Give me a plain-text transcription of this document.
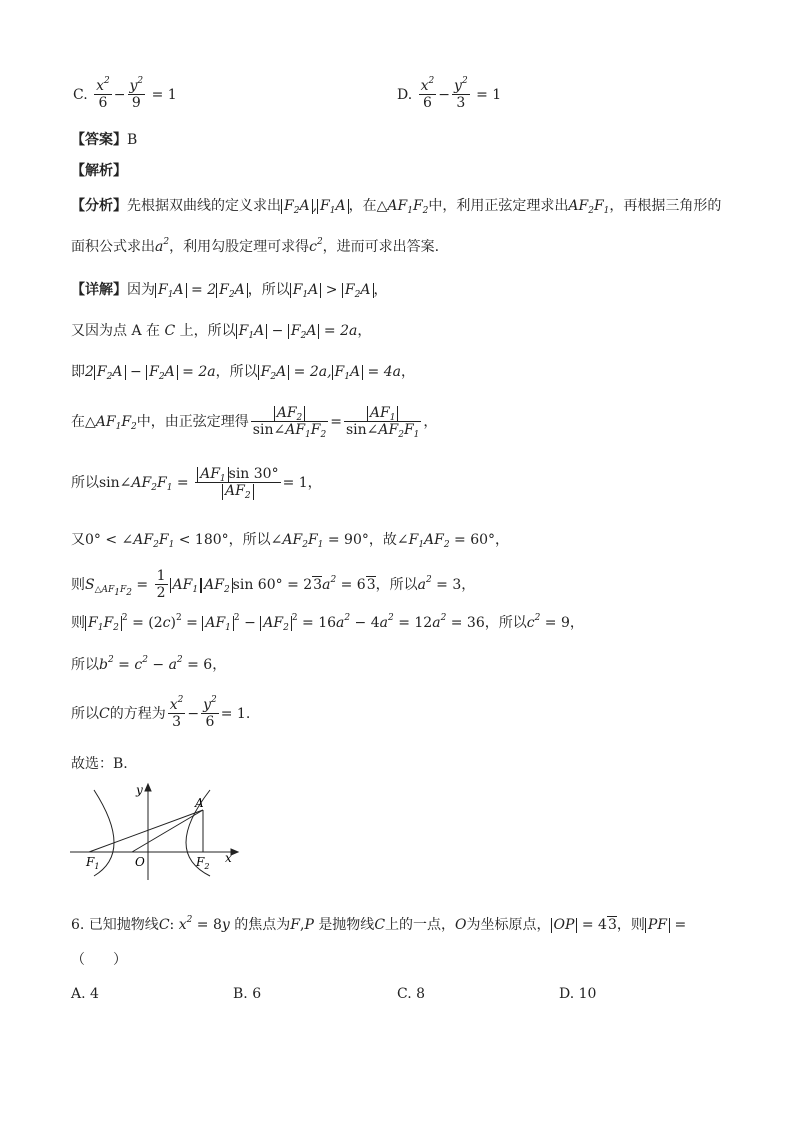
C. $\frac{x^2}{6} - \frac{y^2}{9} = 1$	D. $\frac{x^2}{6} - \frac{y^2}{3} = 1$
【答案】B
【解析】
【分析】先根据双曲线的定义求出 $F_2A$ , $F_1A$ ，在$\triangle AF_1F_2$中，利用正弦定理求出$AF_2F_1$，再根据三角形的
面积公式求出$a^2$，利用勾股定理可求得$c^2$，进而可求出答案.
【详解】因为 $F_1A = 2$ $F_2A$ ，所以 $F_1A > F_2A$ ，
又因为点 A 在 C 上，所以 $F_1A - F_2A = 2a$，
即2 $F_2A - F_2A = 2a$，所以 $F_2A = 2a$, $F_1A = 4a$，
在$\triangle AF_1F_2$中，由正弦定理得 $\frac{AF_2}{\sin\angle AF_1F_2} = \frac{AF_1}{\sin\angle AF_2F_1}$ ，
所以$\sin\angle AF_2F_1 = \frac{AF_1 \sin 30^\circ}{AF_2} = 1$，
又$0^\circ < \angle AF_2F_1 < 180^\circ$，所以$\angle AF_2F_1 = 90^\circ$，故$\angle F_1AF_2 = 60^\circ$，
则$S_{\triangle AF_1F_2} = \frac{1}{2} AF_1$ $AF_2$ $\sin 60^\circ = 23a^2 = 63$，所以$a^2 = 3$，
则 $F_1F_2^2 = (2c)^2 = AF_1^2 - AF_2^2 = 16a^2 - 4a^2 = 12a^2 = 36$，所以$c^2 = 9$，
所以$b^2 = c^2 - a^2 = 6$，
所以C的方程为 $\frac{x^2}{3} - \frac{y^2}{6} = 1$.
故选：B.
y
x
A
O
$F_1$	$F_2$
6. 已知抛物线C: $x^2 = 8y$ 的焦点为F,P 是抛物线C上的一点，O为坐标原点， OP = 43，则 PF =
（　　）
A. 4	B. 6	C. 8	D. 10
